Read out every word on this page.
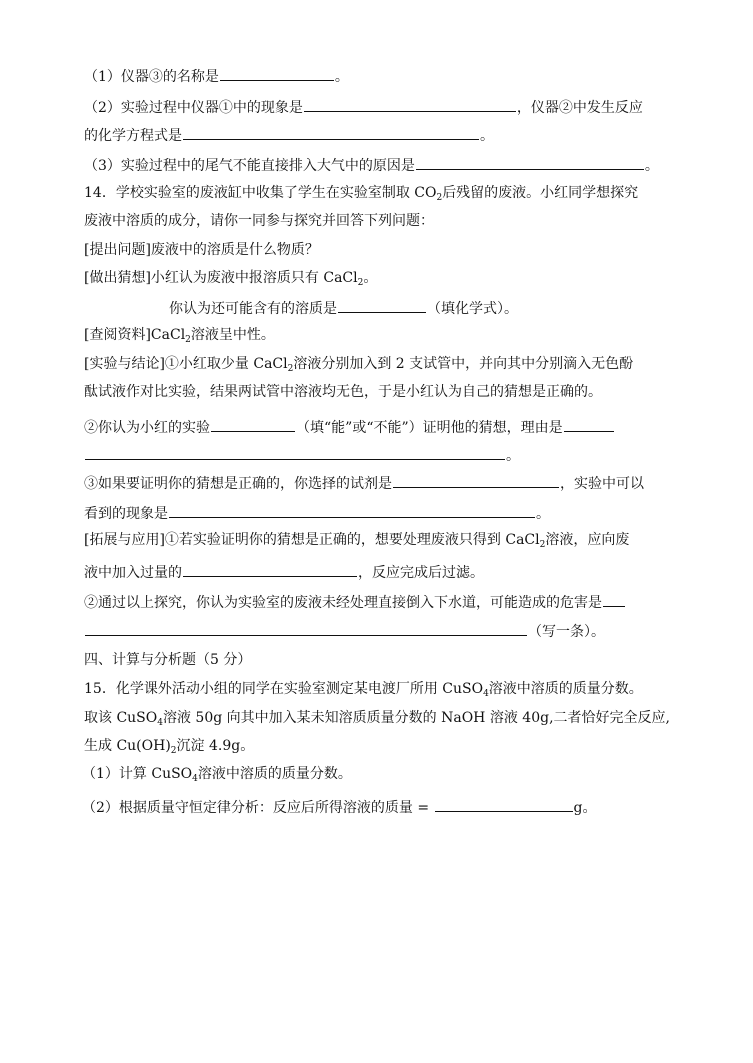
（1）仪器③的名称是	。
（2）实验过程中仪器①中的现象是	，仪器②中发生反应
的化学方程式是	。
（3）实验过程中的尾气不能直接排入大气中的原因是	。
14．学校实验室的废液缸中收集了学生在实验室制取 $CO_2$后残留的废液。小红同学想探究
废液中溶质的成分，请你一同参与探究并回答下列问题：
[提出问题]废液中的溶质是什么物质？
[做出猜想]小红认为废液中报溶质只有 CaCl$_2$。
你认为还可能含有的溶质是	（填化学式）。
[查阅资料]CaCl$_2$溶液呈中性。
[实验与结论]①小红取少量 CaCl$_2$溶液分别加入到 2 支试管中，并向其中分别滴入无色酚
酞试液作对比实验，结果两试管中溶液均无色，于是小红认为自己的猜想是正确的。
②你认为小红的实验	（填“能”或“不能”）证明他的猜想，理由是
。
③如果要证明你的猜想是正确的，你选择的试剂是	，实验中可以
看到的现象是	。
[拓展与应用]①若实验证明你的猜想是正确的，想要处理废液只得到 CaCl$_2$溶液，应向废
液中加入过量的	，反应完成后过滤。
②通过以上探究，你认为实验室的废液未经处理直接倒入下水道，可能造成的危害是
（写一条）。
四、计算与分析题（5 分）
15．化学课外活动小组的同学在实验室测定某电渡厂所用 CuSO$_4$溶液中溶质的质量分数。
取该 CuSO$_4$溶液 50g 向其中加入某未知溶质质量分数的 NaOH 溶液 40g,二者恰好完全反应,
生成 $Cu(OH)_2$沉淀 4.9g。
（1）计算 CuSO$_4$溶液中溶质的质量分数。
（2）根据质量守恒定律分析：反应后所得溶液的质量 =	g。
